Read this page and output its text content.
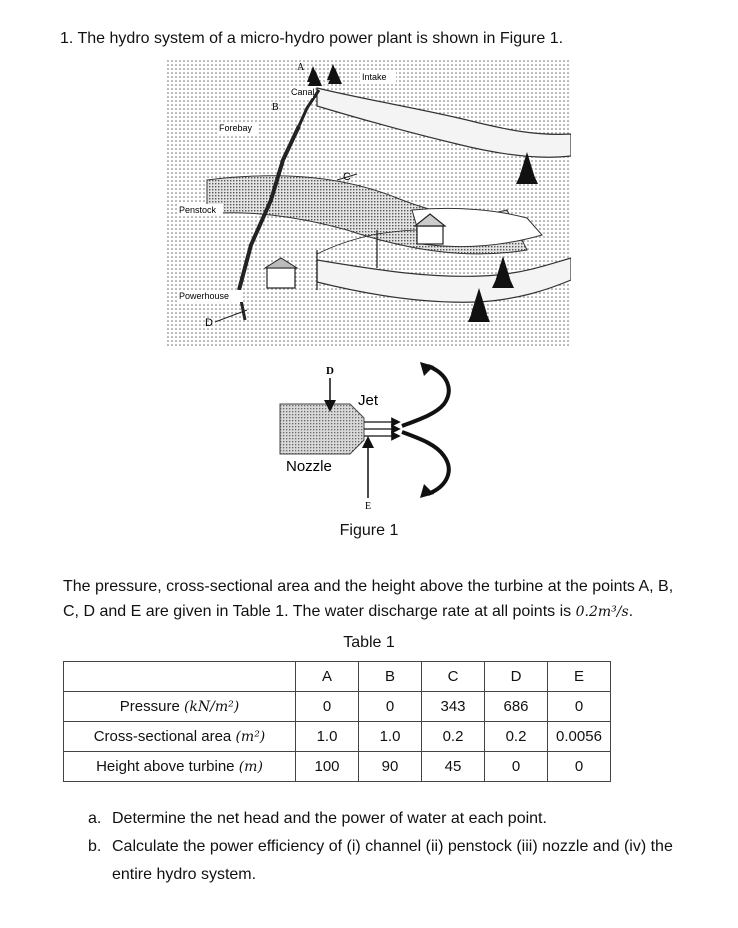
1. The hydro system of a micro-hydro power plant is shown in Figure 1.
Intake
A
Canal
B
Forebay
C
Penstock
Powerhouse
D
D
Jet
Nozzle
E
Figure 1
The pressure, cross-sectional area and the height above the turbine at the points A, B, C, D and E are given in Table 1. The water discharge rate at all points is 0.2m³/s.
Table 1
	A	B	C	D	E
Pressure (kN/m²)	0	0	343	686	0
Cross-sectional area (m²)	1.0	1.0	0.2	0.2	0.0056
Height above turbine (m)	100	90	45	0	0
a. Determine the net head and the power of water at each point.
b. Calculate the power efficiency of (i) channel (ii) penstock (iii) nozzle and (iv) the entire hydro system.
